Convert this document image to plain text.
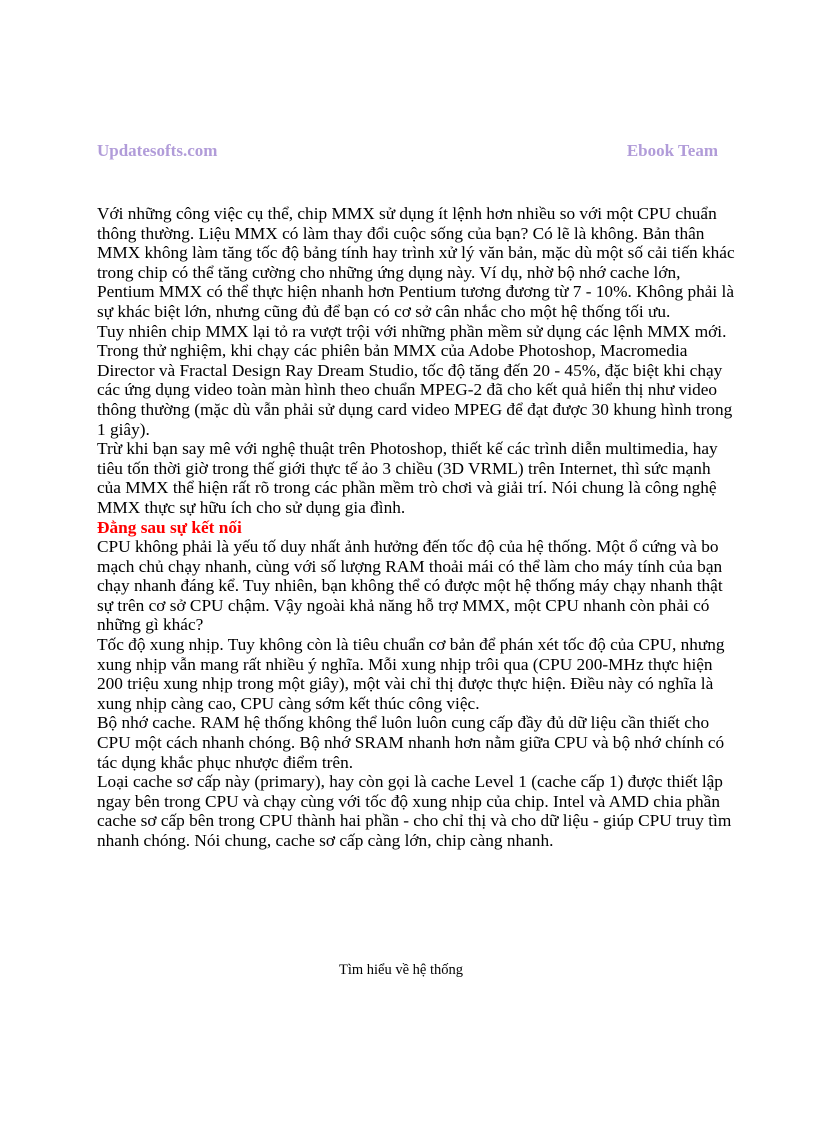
Updatesofts.com	Ebook Team

Với những công việc cụ thể, chip MMX sử dụng ít lệnh hơn nhiều so với một CPU chuẩn thông thường. Liệu MMX có làm thay đổi cuộc sống của bạn? Có lẽ là không. Bản thân MMX không làm tăng tốc độ bảng tính hay trình xử lý văn bản, mặc dù một số cải tiến khác trong chip có thể tăng cường cho những ứng dụng này. Ví dụ, nhờ bộ nhớ cache lớn, Pentium MMX có thể thực hiện nhanh hơn Pentium tương đương từ 7 - 10%. Không phải là sự khác biệt lớn, nhưng cũng đủ để bạn có cơ sở cân nhắc cho một hệ thống tối ưu.

Tuy nhiên chip MMX lại tỏ ra vượt trội với những phần mềm sử dụng các lệnh MMX mới. Trong thử nghiệm, khi chạy các phiên bản MMX của Adobe Photoshop, Macromedia Director và Fractal Design Ray Dream Studio, tốc độ tăng đến 20 - 45%, đặc biệt khi chạy các ứng dụng video toàn màn hình theo chuẩn MPEG-2 đã cho kết quả hiển thị như video thông thường (mặc dù vẫn phải sử dụng card video MPEG để đạt được 30 khung hình trong 1 giây).

Trừ khi bạn say mê với nghệ thuật trên Photoshop, thiết kế các trình diễn multimedia, hay tiêu tốn thời giờ trong thế giới thực tế ảo 3 chiều (3D VRML) trên Internet, thì sức mạnh của MMX thể hiện rất rõ trong các phần mềm trò chơi và giải trí. Nói chung là công nghệ MMX thực sự hữu ích cho sử dụng gia đình.

Đằng sau sự kết nối

CPU không phải là yếu tố duy nhất ảnh hưởng đến tốc độ của hệ thống. Một ổ cứng và bo mạch chủ chạy nhanh, cùng với số lượng RAM thoải mái có thể làm cho máy tính của bạn chạy nhanh đáng kể. Tuy nhiên, bạn không thể có được một hệ thống máy chạy nhanh thật sự trên cơ sở CPU chậm. Vậy ngoài khả năng hỗ trợ MMX, một CPU nhanh còn phải có những gì khác?

Tốc độ xung nhịp. Tuy không còn là tiêu chuẩn cơ bản để phán xét tốc độ của CPU, nhưng xung nhịp vẫn mang rất nhiều ý nghĩa. Mỗi xung nhịp trôi qua (CPU 200-MHz thực hiện 200 triệu xung nhịp trong một giây), một vài chỉ thị được thực hiện. Điều này có nghĩa là xung nhịp càng cao, CPU càng sớm kết thúc công việc.

Bộ nhớ cache. RAM hệ thống không thể luôn luôn cung cấp đầy đủ dữ liệu cần thiết cho CPU một cách nhanh chóng. Bộ nhớ SRAM nhanh hơn nằm giữa CPU và bộ nhớ chính có tác dụng khắc phục nhược điểm trên.

Loại cache sơ cấp này (primary), hay còn gọi là cache Level 1 (cache cấp 1) được thiết lập ngay bên trong CPU và chạy cùng với tốc độ xung nhịp của chip. Intel và AMD chia phần cache sơ cấp bên trong CPU thành hai phần - cho chỉ thị và cho dữ liệu - giúp CPU truy tìm nhanh chóng. Nói chung, cache sơ cấp càng lớn, chip càng nhanh.

Tìm hiểu về hệ thống
